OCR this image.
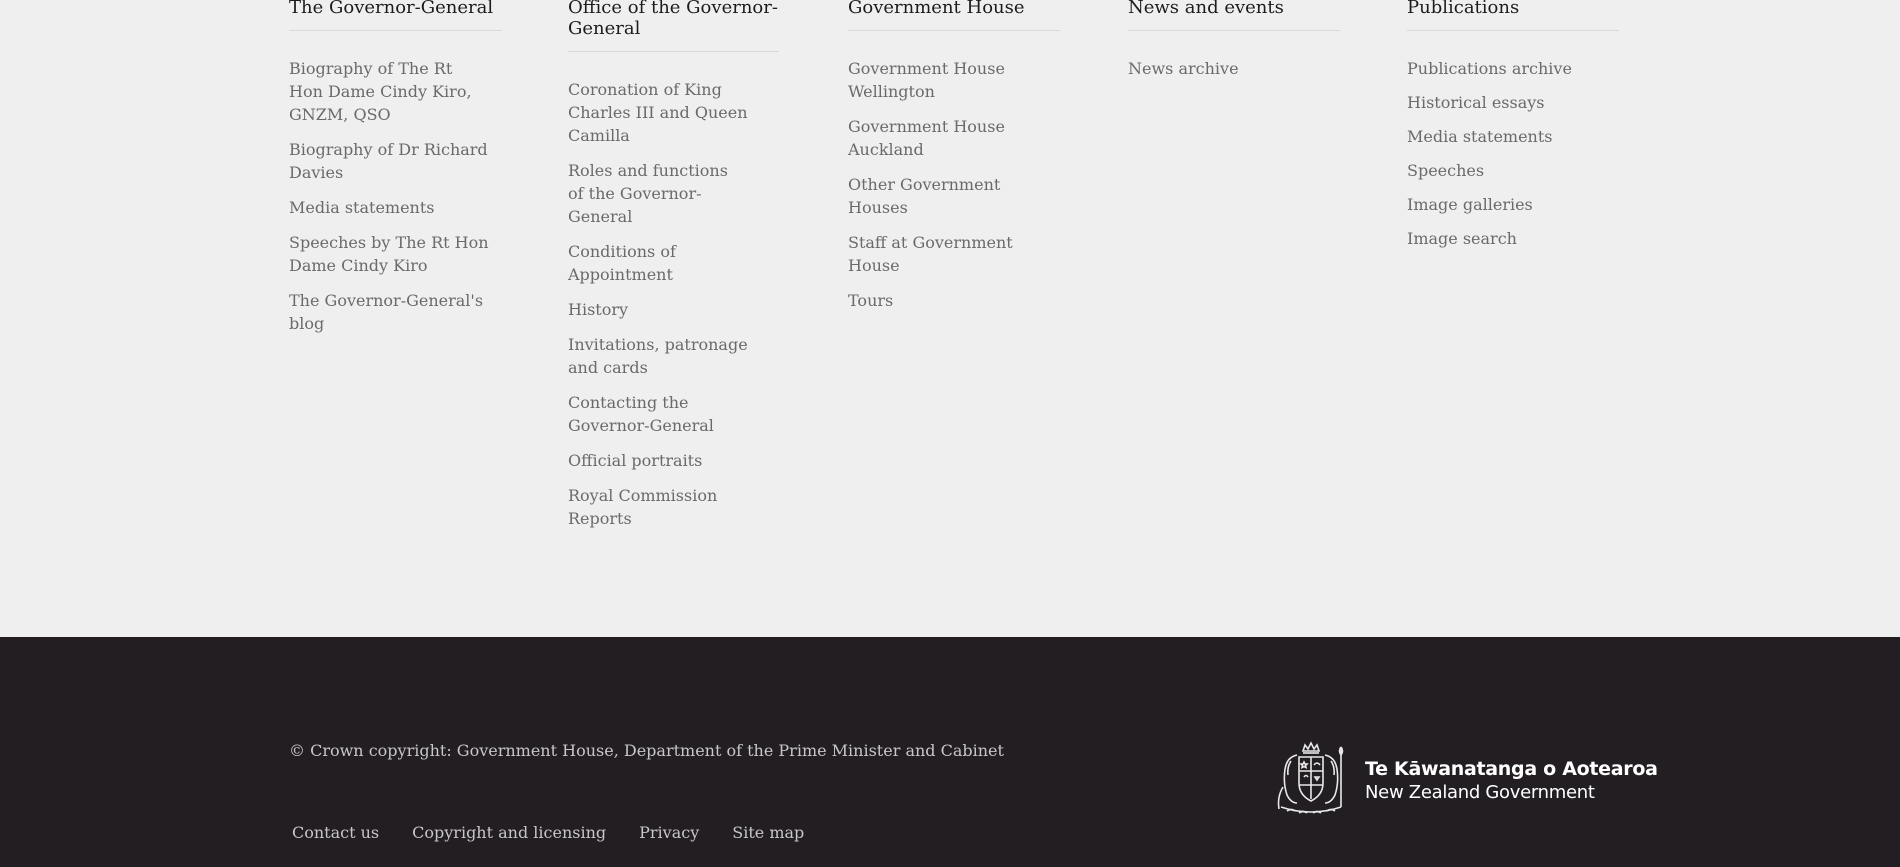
The Governor-General
Biography of The Rt Hon Dame Cindy Kiro, GNZM, QSO
Biography of Dr Richard Davies
Media statements
Speeches by The Rt Hon Dame Cindy Kiro
The Governor-General's blog
Office of the Governor-General
Coronation of King Charles III and Queen Camilla
Roles and functions of the Governor-General
Conditions of Appointment
History
Invitations, patronage and cards
Contacting the Governor-General
Official portraits
Royal Commission Reports
Government House
Government House Wellington
Government House Auckland
Other Government Houses
Staff at Government House
Tours
News and events
News archive
Publications
Publications archive
Historical essays
Media statements
Speeches
Image galleries
Image search

© Crown copyright: Government House, Department of the Prime Minister and Cabinet

Contact us Copyright and licensing Privacy Site map
Te Kāwanatanga o Aotearoa
New Zealand Government
